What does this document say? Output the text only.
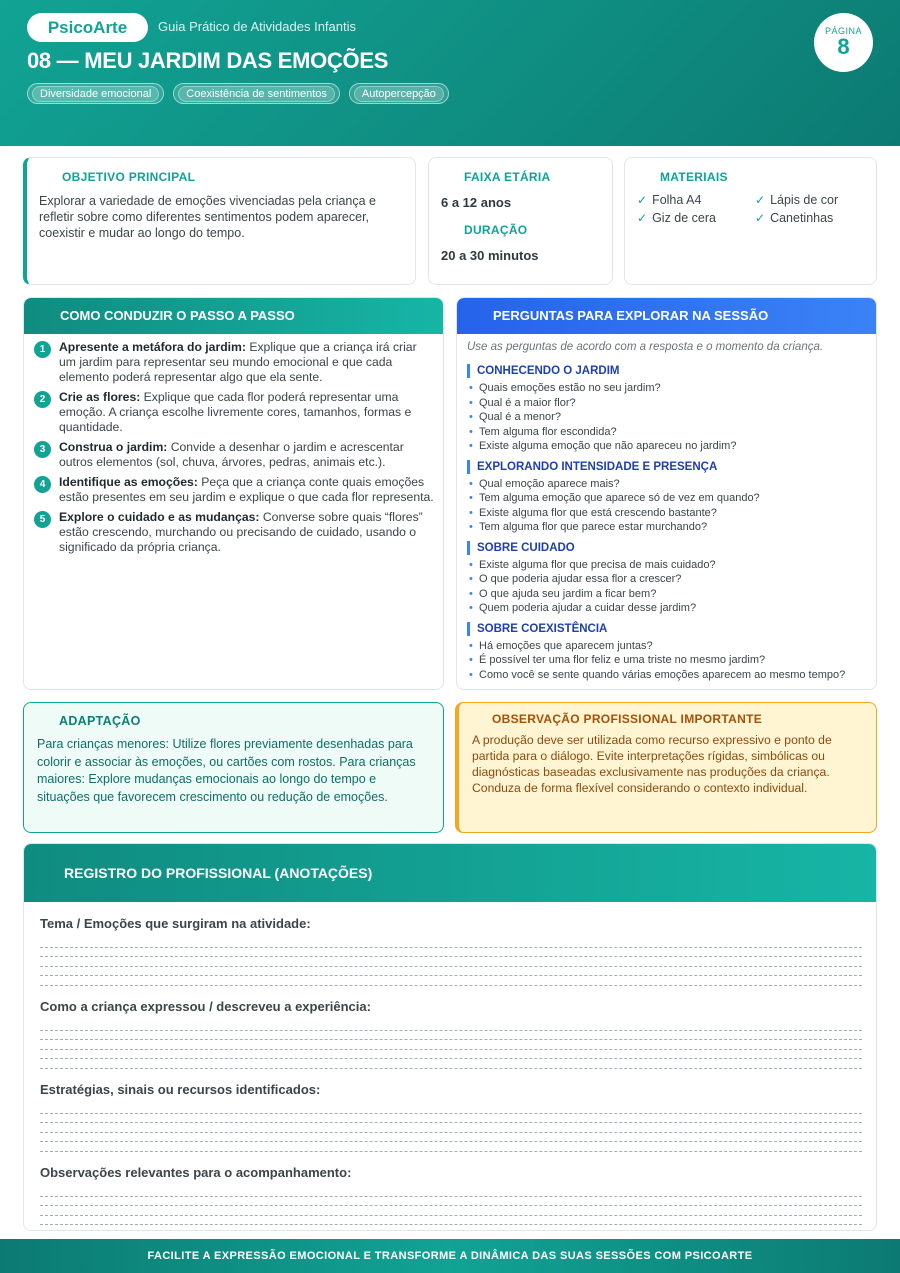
PsicoArte	Guia Prático de Atividades Infantis
08 — MEU JARDIM DAS EMOÇÕES
Diversidade emocional	Coexistência de sentimentos	Autopercepção
PÁGINA
8
OBJETIVO PRINCIPAL

Explorar a variedade de emoções vivenciadas pela criança e refletir sobre como diferentes sentimentos podem aparecer, coexistir e mudar ao longo do tempo.

FAIXA ETÁRIA
6 a 12 anos
DURAÇÃO
20 a 30 minutos
MATERIAIS
✓ Folha A4	✓ Lápis de cor
✓ Giz de cera	✓ Canetinhas
COMO CONDUZIR O PASSO A PASSO
1	Apresente a metáfora do jardim: Explique que a criança irá criar um jardim para representar seu mundo emocional e que cada elemento poderá representar algo que ela sente.
2	Crie as flores: Explique que cada flor poderá representar uma emoção. A criança escolhe livremente cores, tamanhos, formas e quantidade.
3	Construa o jardim: Convide a desenhar o jardim e acrescentar outros elementos (sol, chuva, árvores, pedras, animais etc.).
4	Identifique as emoções: Peça que a criança conte quais emoções estão presentes em seu jardim e explique o que cada flor representa.
5	Explore o cuidado e as mudanças: Converse sobre quais “flores” estão crescendo, murchando ou precisando de cuidado, usando o significado da própria criança.
PERGUNTAS PARA EXPLORAR NA SESSÃO
Use as perguntas de acordo com a resposta e o momento da criança.
CONHECENDO O JARDIM
• Quais emoções estão no seu jardim?
• Qual é a maior flor?
• Qual é a menor?
• Tem alguma flor escondida?
• Existe alguma emoção que não apareceu no jardim?
EXPLORANDO INTENSIDADE E PRESENÇA
• Qual emoção aparece mais?
• Tem alguma emoção que aparece só de vez em quando?
• Existe alguma flor que está crescendo bastante?
• Tem alguma flor que parece estar murchando?
SOBRE CUIDADO
• Existe alguma flor que precisa de mais cuidado?
• O que poderia ajudar essa flor a crescer?
• O que ajuda seu jardim a ficar bem?
• Quem poderia ajudar a cuidar desse jardim?
SOBRE COEXISTÊNCIA
• Há emoções que aparecem juntas?
• É possível ter uma flor feliz e uma triste no mesmo jardim?
• Como você se sente quando várias emoções aparecem ao mesmo tempo?
ADAPTAÇÃO

Para crianças menores: Utilize flores previamente desenhadas para colorir e associar às emoções, ou cartões com rostos. Para crianças maiores: Explore mudanças emocionais ao longo do tempo e situações que favorecem crescimento ou redução de emoções.

OBSERVAÇÃO PROFISSIONAL IMPORTANTE

A produção deve ser utilizada como recurso expressivo e ponto de partida para o diálogo. Evite interpretações rígidas, simbólicas ou diagnósticas baseadas exclusivamente nas produções da criança. Conduza de forma flexível considerando o contexto individual.

REGISTRO DO PROFISSIONAL (ANOTAÇÕES)
Tema / Emoções que surgiram na atividade:
Como a criança expressou / descreveu a experiência:
Estratégias, sinais ou recursos identificados:
Observações relevantes para o acompanhamento:
FACILITE A EXPRESSÃO EMOCIONAL E TRANSFORME A DINÂMICA DAS SUAS SESSÕES COM PSICOARTE
